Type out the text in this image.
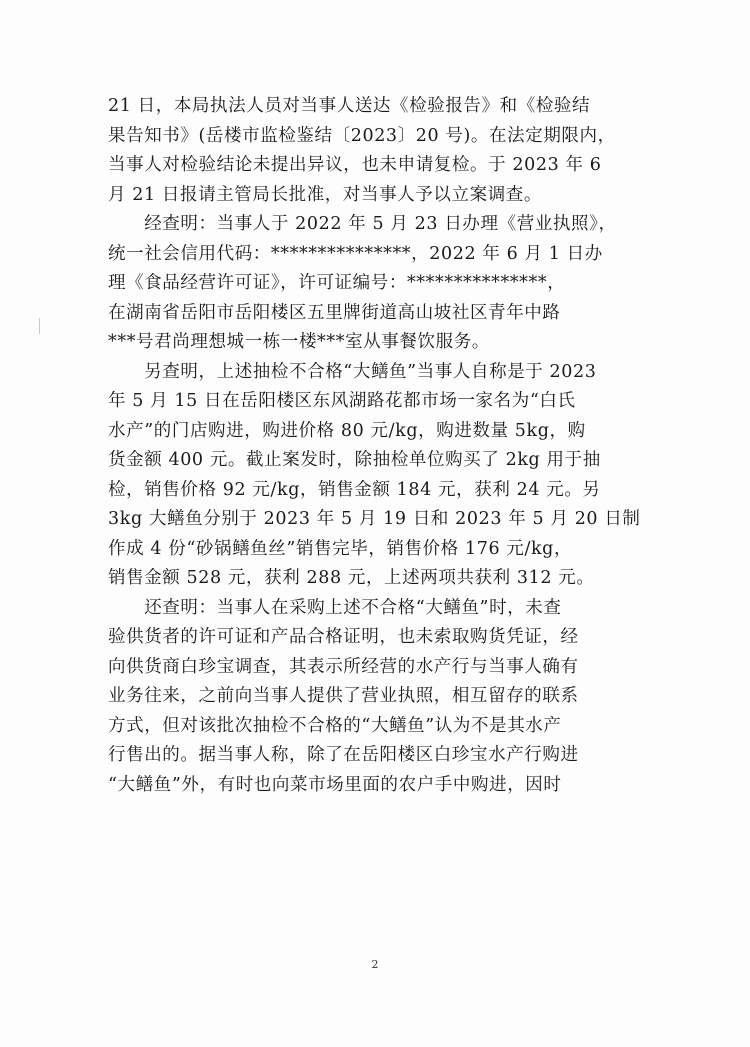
21 日，本局执法人员对当事人送达《检验报告》和《检验结
果告知书》(岳楼市监检鉴结〔2023〕20 号)。在法定期限内，
当事人对检验结论未提出异议，也未申请复检。于 2023 年 6
月 21 日报请主管局长批准，对当事人予以立案调查。
　　经查明：当事人于 2022 年 5 月 23 日办理《营业执照》，
统一社会信用代码：***************，2022 年 6 月 1 日办
理《食品经营许可证》，许可证编号：***************，
在湖南省岳阳市岳阳楼区五里牌街道高山坡社区青年中路
***号君尚理想城一栋一楼***室从事餐饮服务。
　　另查明，上述抽检不合格“大鳝鱼”当事人自称是于 2023
年 5 月 15 日在岳阳楼区东风湖路花都市场一家名为“白氏
水产”的门店购进，购进价格 80 元/kg，购进数量 5kg，购
货金额 400 元。截止案发时，除抽检单位购买了 2kg 用于抽
检，销售价格 92 元/kg，销售金额 184 元，获利 24 元。另
3kg 大鳝鱼分别于 2023 年 5 月 19 日和 2023 年 5 月 20 日制
作成 4 份“砂锅鳝鱼丝”销售完毕，销售价格 176 元/kg，
销售金额 528 元，获利 288 元，上述两项共获利 312 元。
　　还查明：当事人在采购上述不合格“大鳝鱼”时，未查
验供货者的许可证和产品合格证明，也未索取购货凭证，经
向供货商白珍宝调查，其表示所经营的水产行与当事人确有
业务往来，之前向当事人提供了营业执照，相互留存的联系
方式，但对该批次抽检不合格的“大鳝鱼”认为不是其水产
行售出的。据当事人称，除了在岳阳楼区白珍宝水产行购进
“大鳝鱼”外，有时也向菜市场里面的农户手中购进，因时
2
